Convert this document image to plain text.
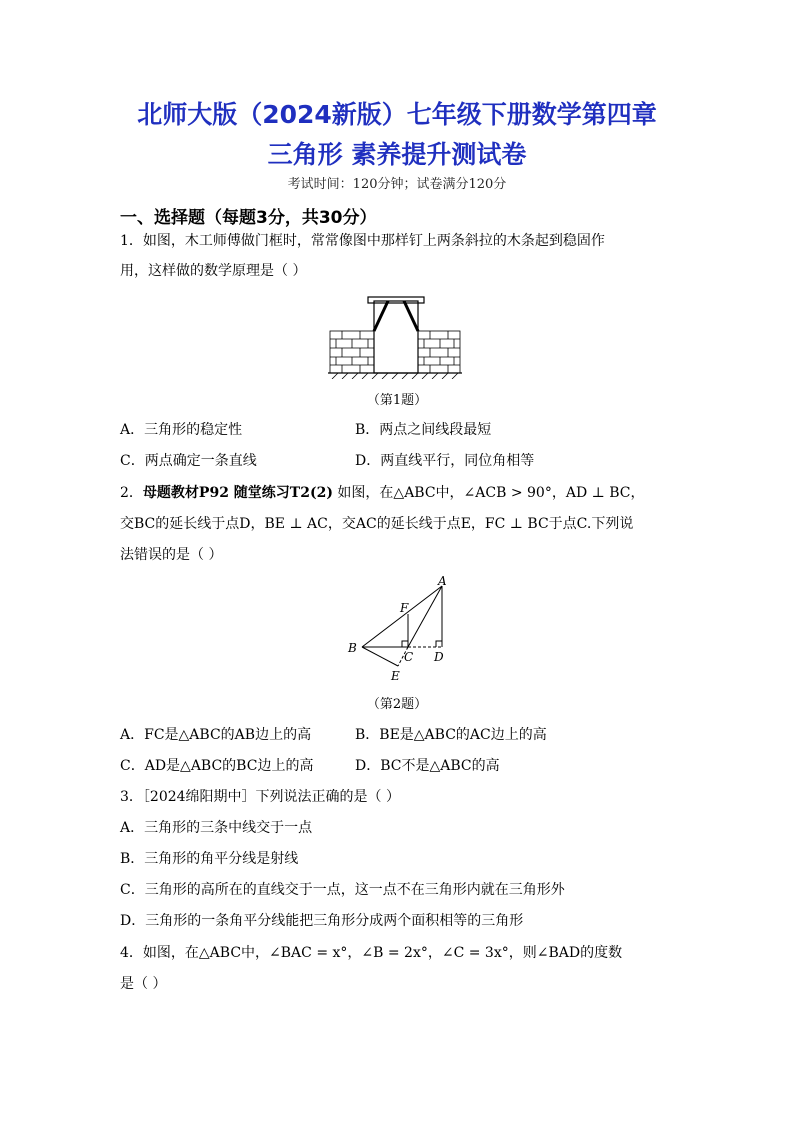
北师大版（2024新版）七年级下册数学第四章
三角形 素养提升测试卷
考试时间：120分钟；试卷满分120分
一、选择题（每题3分，共30分）
1．如图，木工师傅做门框时，常常像图中那样钉上两条斜拉的木条起到稳固作
用，这样做的数学原理是（ ）
（第1题）
A．三角形的稳定性	B．两点之间线段最短
C．两点确定一条直线	D．两直线平行，同位角相等
2．母题教材P92 随堂练习T2(2) 如图，在△ABC中，∠ACB > 90°，AD ⊥ BC，
交BC的延长线于点D，BE ⊥ AC，交AC的延长线于点E，FC ⊥ BC于点C.下列说
法错误的是（ ）
A
B
C D
E
F
（第2题）
A．FC是△ABC的AB边上的高	B．BE是△ABC的AC边上的高
C．AD是△ABC的BC边上的高	D．BC不是△ABC的高
3．［2024绵阳期中］下列说法正确的是（ ）
A．三角形的三条中线交于一点
B．三角形的角平分线是射线
C．三角形的高所在的直线交于一点，这一点不在三角形内就在三角形外
D．三角形的一条角平分线能把三角形分成两个面积相等的三角形
4．如图，在△ABC中，∠BAC = x°，∠B = 2x°，∠C = 3x°，则∠BAD的度数
是（ ）
